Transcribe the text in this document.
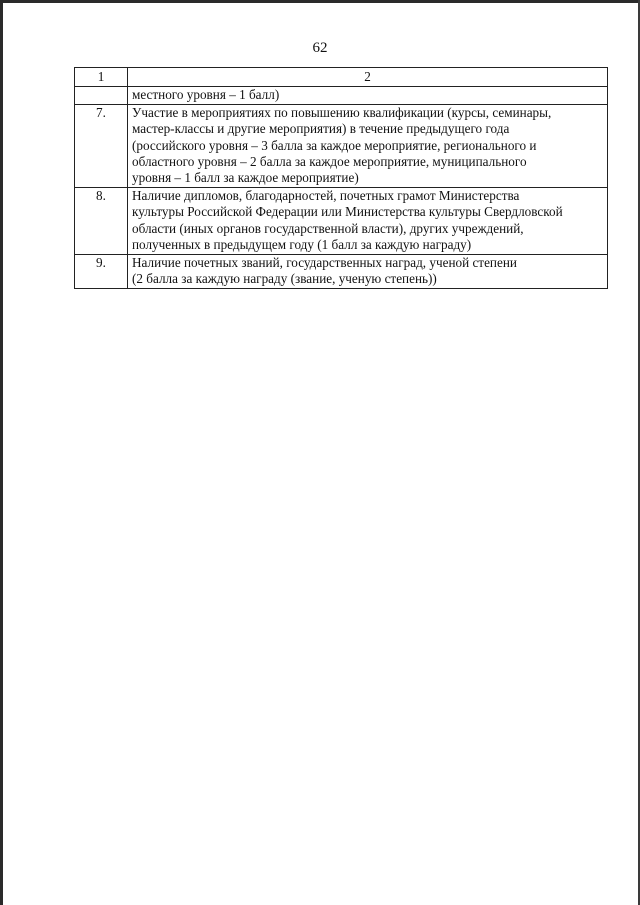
62
1	2

	местного уровня – 1 балл)

7.	Участие в мероприятиях по повышению квалификации (курсы, семинары,
мастер-классы и другие мероприятия) в течение предыдущего года
(российского уровня – 3 балла за каждое мероприятие, регионального и
областного уровня – 2 балла за каждое мероприятие, муниципального
уровня – 1 балл за каждое мероприятие)

8.	Наличие дипломов, благодарностей, почетных грамот Министерства
культуры Российской Федерации или Министерства культуры Свердловской
области (иных органов государственной власти), других учреждений,
полученных в предыдущем году (1 балл за каждую награду)

9.	Наличие почетных званий, государственных наград, ученой степени
(2 балла за каждую награду (звание, ученую степень))
